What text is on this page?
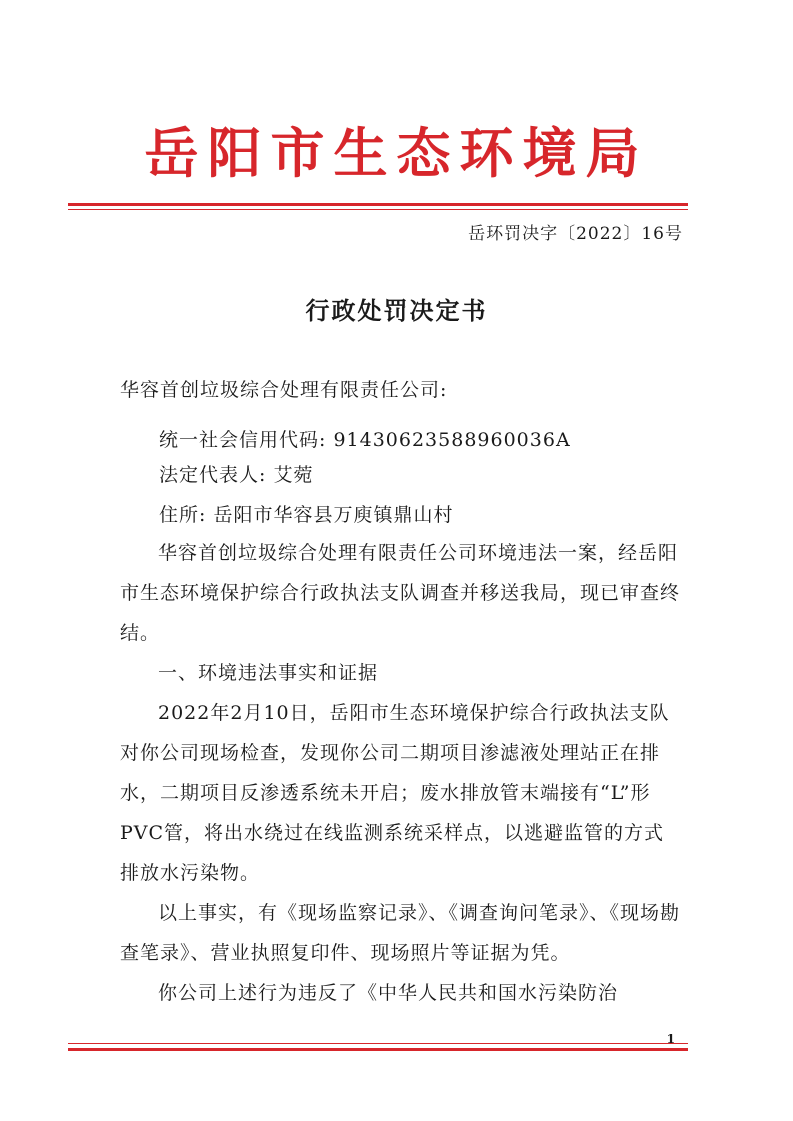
岳阳市生态环境局
岳环罚决字〔2022〕16号
行政处罚决定书
华容首创垃圾综合处理有限责任公司:
统一社会信用代码: 91430623588960036A
法定代表人: 艾菀
住所: 岳阳市华容县万庾镇鼎山村
华容首创垃圾综合处理有限责任公司环境违法一案，经岳阳市生态环境保护综合行政执法支队调查并移送我局，现已审查终结。
一、环境违法事实和证据
2022年2月10日，岳阳市生态环境保护综合行政执法支队对你公司现场检查，发现你公司二期项目渗滤液处理站正在排水，二期项目反渗透系统未开启；废水排放管末端接有“L”形PVC管，将出水绕过在线监测系统采样点，以逃避监管的方式排放水污染物。
以上事实，有《现场监察记录》、《调查询问笔录》、《现场勘查笔录》、营业执照复印件、现场照片等证据为凭。
你公司上述行为违反了《中华人民共和国水污染防治
1
